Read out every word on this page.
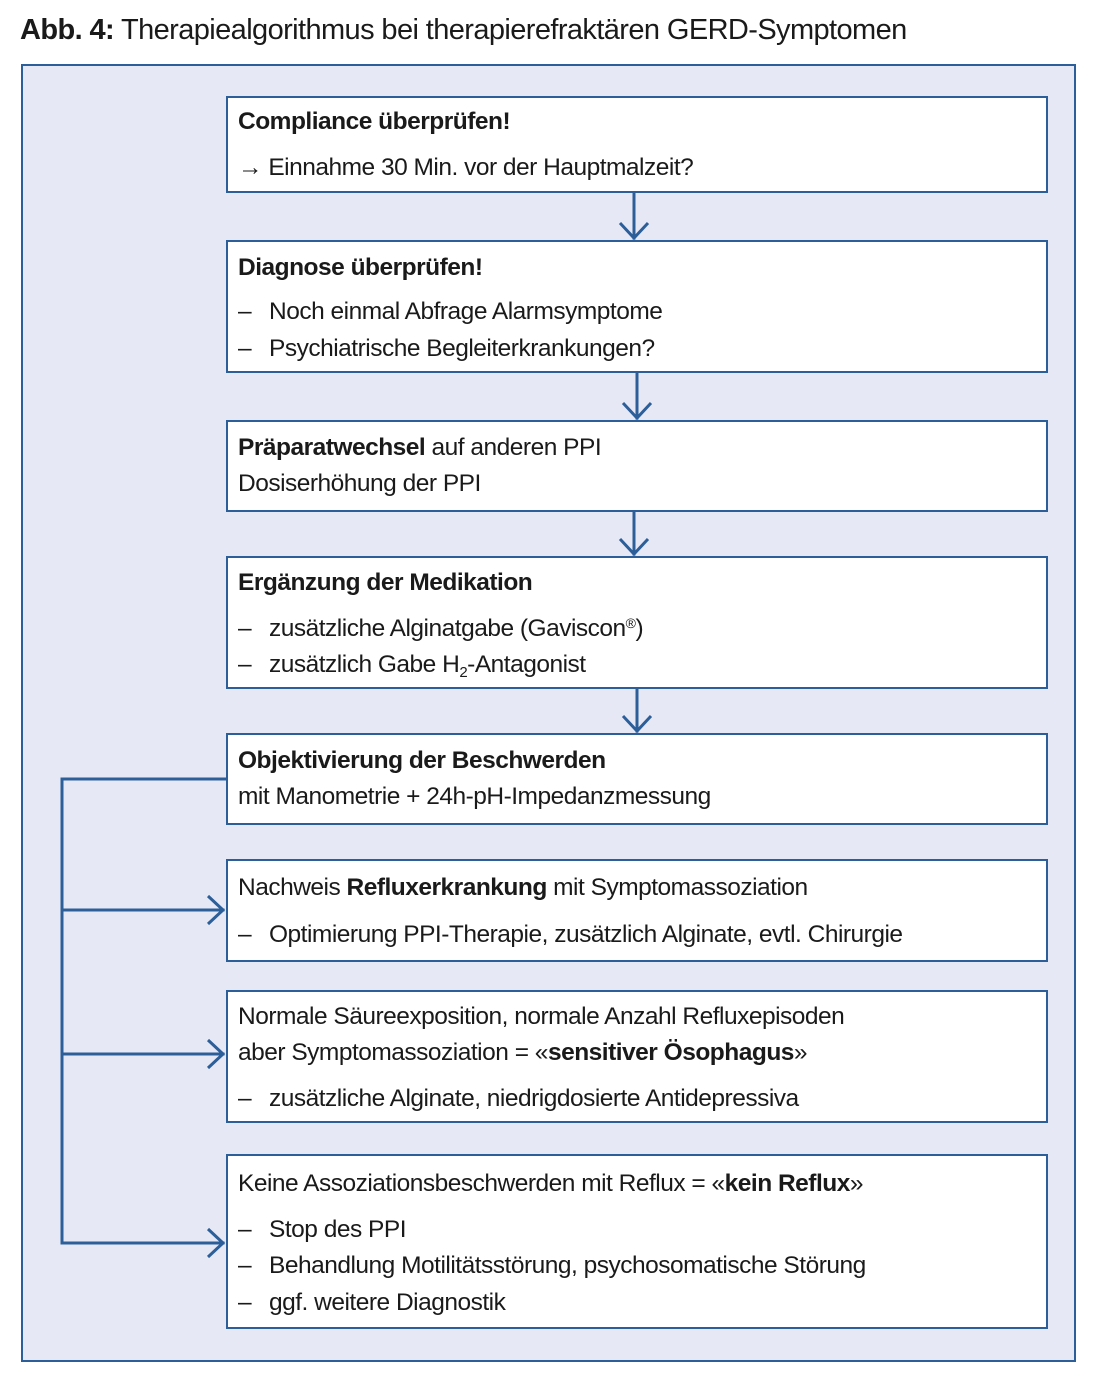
Abb. 4: Therapiealgorithmus bei therapierefraktären GERD-Symptomen
Compliance überprüfen!
→ Einnahme 30 Min. vor der Hauptmalzeit?
Diagnose überprüfen!
– Noch einmal Abfrage Alarmsymptome
– Psychiatrische Begleiterkrankungen?
Präparatwechsel auf anderen PPI
Dosiserhöhung der PPI
Ergänzung der Medikation
– zusätzliche Alginatgabe (Gaviscon®)
– zusätzlich Gabe $H_2$-Antagonist
Objektivierung der Beschwerden
mit Manometrie + 24h-pH-Impedanzmessung
Nachweis Refluxerkrankung mit Symptomassoziation
– Optimierung PPI-Therapie, zusätzlich Alginate, evtl. Chirurgie
Normale Säureexposition, normale Anzahl Refluxepisoden
aber Symptomassoziation = «sensitiver Ösophagus»
– zusätzliche Alginate, niedrigdosierte Antidepressiva
Keine Assoziationsbeschwerden mit Reflux = «kein Reflux»
– Stop des PPI
– Behandlung Motilitätsstörung, psychosomatische Störung
– ggf. weitere Diagnostik
